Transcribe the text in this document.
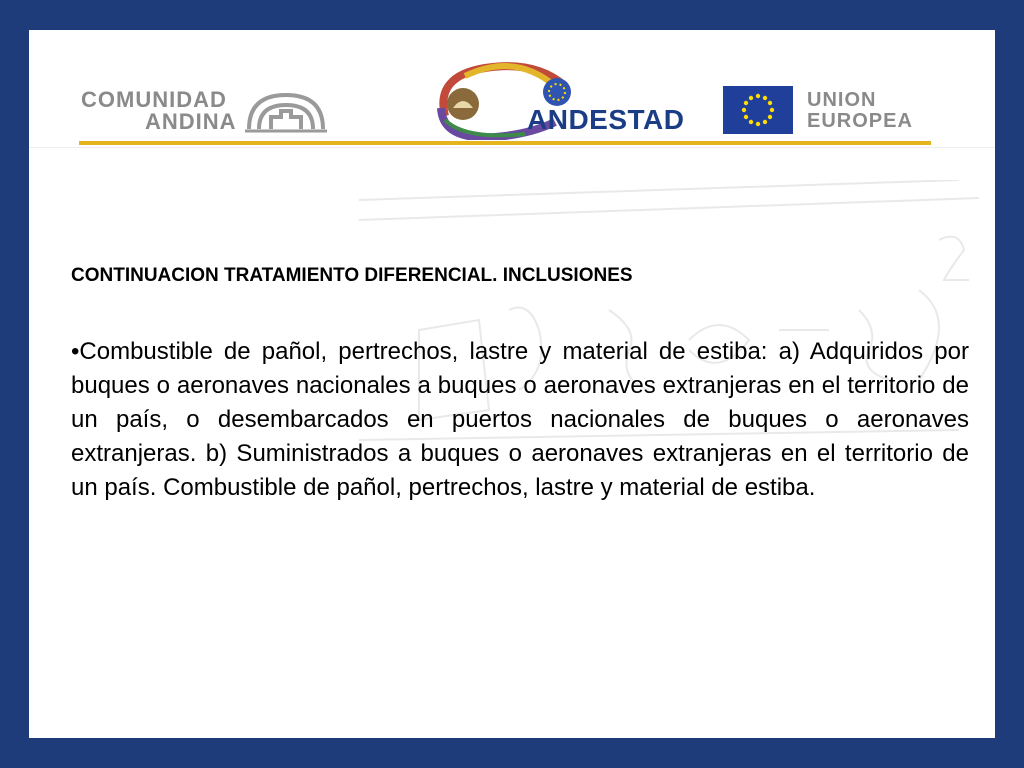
COMUNIDAD
ANDINA	ANDESTAD
UNION
EUROPEA
CONTINUACION TRATAMIENTO DIFERENCIAL. INCLUSIONES

•Combustible de pañol, pertrechos, lastre y material de estiba: a) Adquiridos por buques o aeronaves nacionales a buques o aeronaves extranjeras en el territorio de un país, o desembarcados en puertos nacionales de buques o aeronaves extranjeras. b) Suministrados a buques o aeronaves extranjeras en el territorio de un país. Combustible de pañol, pertrechos, lastre y material de estiba.
